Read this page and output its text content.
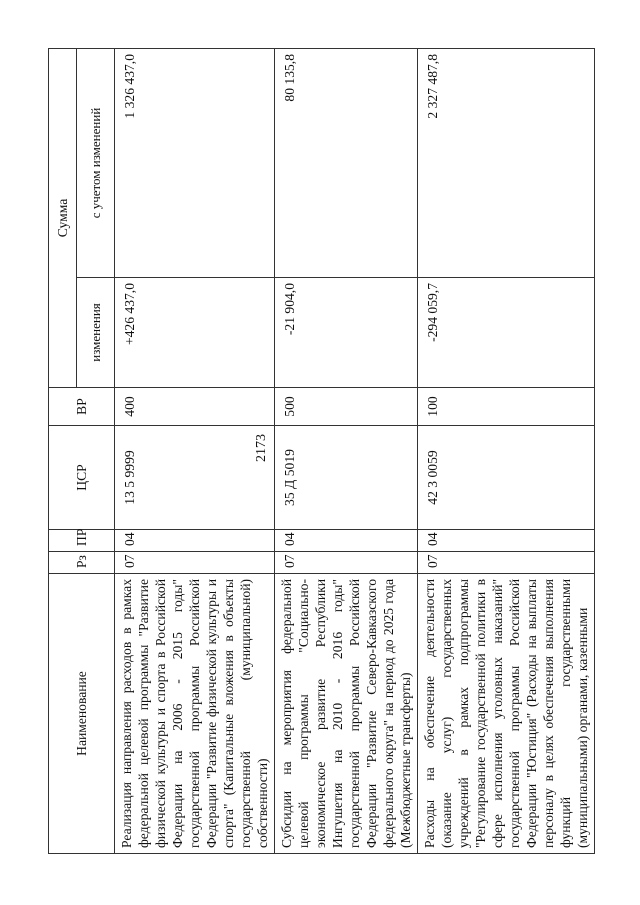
2173
Наименование	Рз	ПР	ЦСР	ВР	Сумма	
					изменения	с учетом изменений
Реализация направления расходов в рамках федеральной целевой программы "Развитие физической культуры и спорта в Российской Федерации на 2006 - 2015 годы" государственной программы Российской Федерации "Развитие физической культуры и спорта" (Капитальные вложения в объекты государственной (муниципальной) собственности)	07	04	13 5 9999	400	+426 437,0	1 326 437,0
Субсидии на мероприятия федеральной целевой программы "Социально-экономическое развитие Республики Ингушетия на 2010 - 2016 годы" государственной программы Российской Федерации "Развитие Северо-Кавказского федерального округа" на период до 2025 года (Межбюджетные трансферты)	07	04	35 Д 5019	500	-21 904,0	80 135,8
Расходы на обеспечение деятельности (оказание услуг) государственных учреждений в рамках подпрограммы "Регулирование государственной политики в сфере исполнения уголовных наказаний" государственной программы Российской Федерации "Юстиция" (Расходы на выплаты персоналу в целях обеспечения выполнения функций государственными (муниципальными) органами, казенными	07	04	42 3 0059	100	-294 059,7	2 327 487,8
